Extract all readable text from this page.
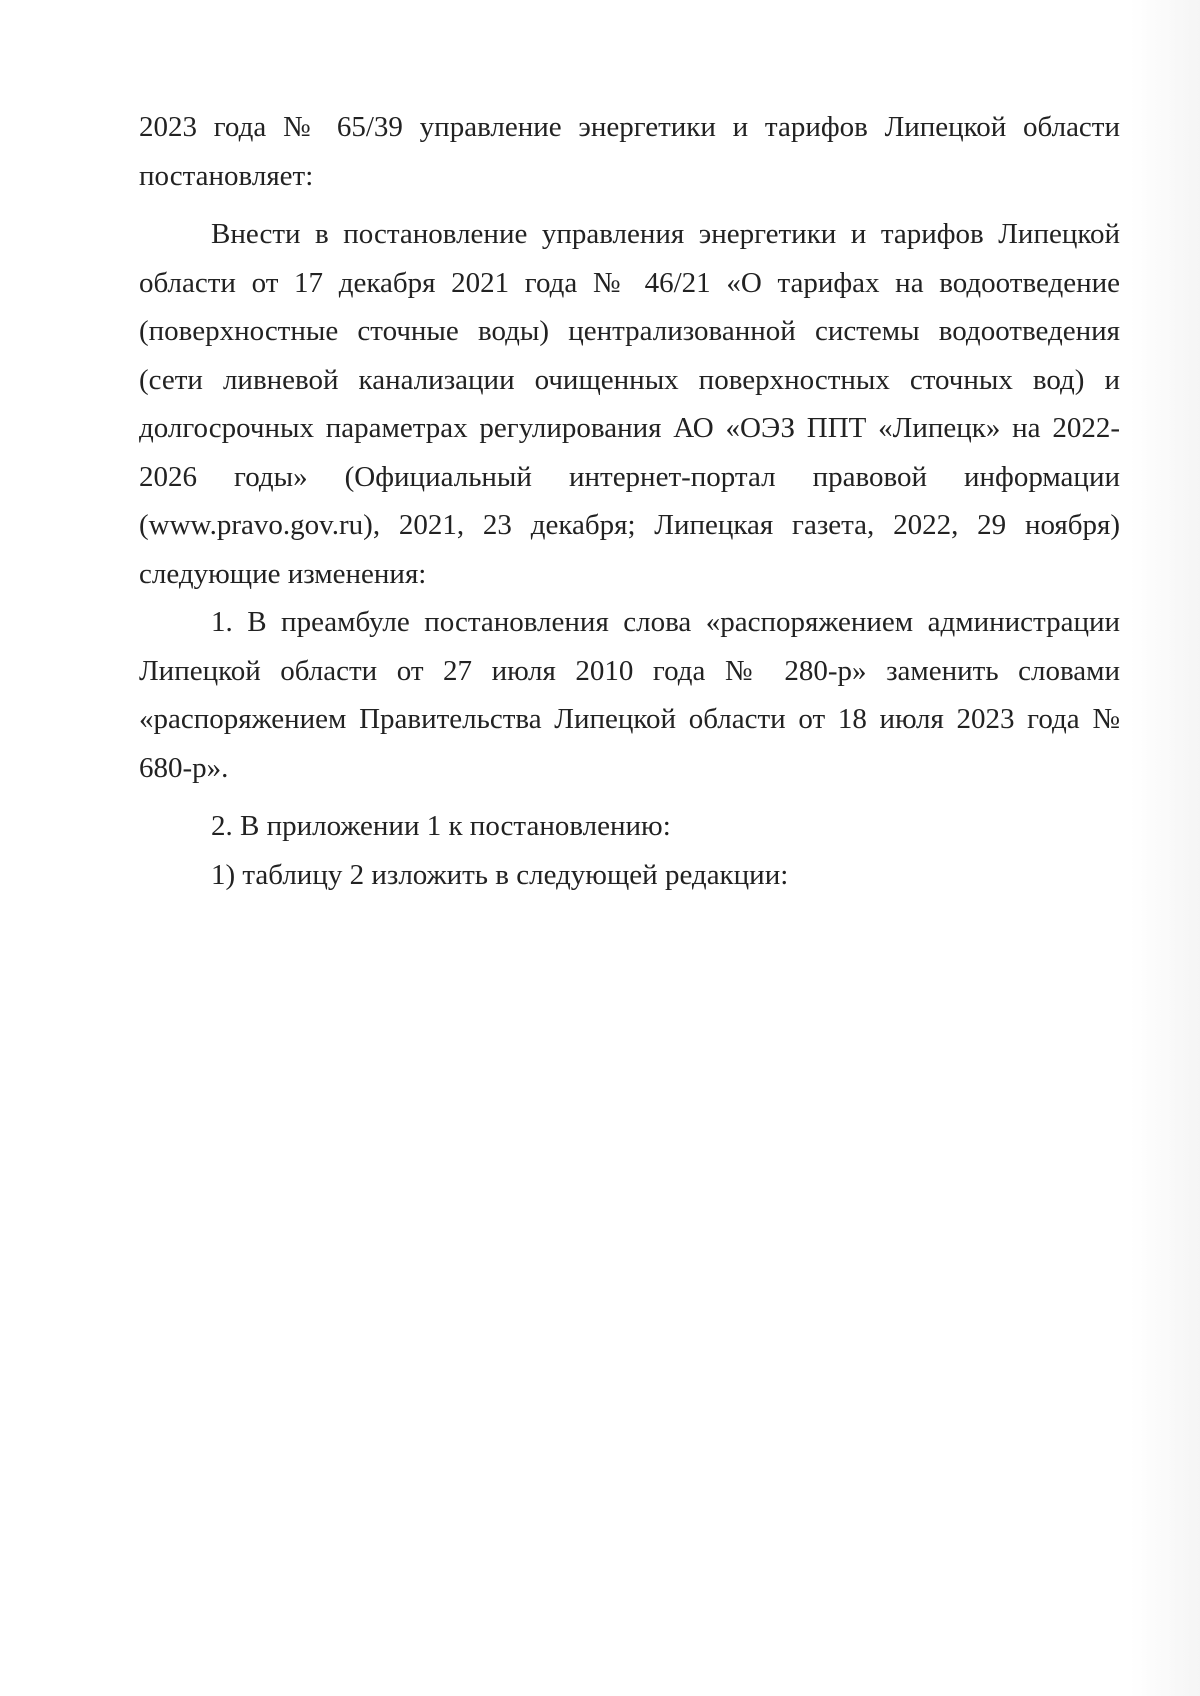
2023 года № 65/39 управление энергетики и тарифов Липецкой области постановляет:

Внести в постановление управления энергетики и тарифов Липецкой области от 17 декабря 2021 года № 46/21 «О тарифах на водоотведение (поверхностные сточные воды) централизованной системы водоотведения (сети ливневой канализации очищенных поверхностных сточных вод) и долгосрочных параметрах регулирования АО «ОЭЗ ППТ «Липецк» на 2022-2026 годы» (Официальный интернет-портал правовой информации (www.pravo.gov.ru), 2021, 23 декабря; Липецкая газета, 2022, 29 ноября) следующие изменения:

1. В преамбуле постановления слова «распоряжением администрации Липецкой области от 27 июля 2010 года № 280-р» заменить словами «распоряжением Правительства Липецкой области от 18 июля 2023 года № 680-р».

2. В приложении 1 к постановлению:

1) таблицу 2 изложить в следующей редакции:
